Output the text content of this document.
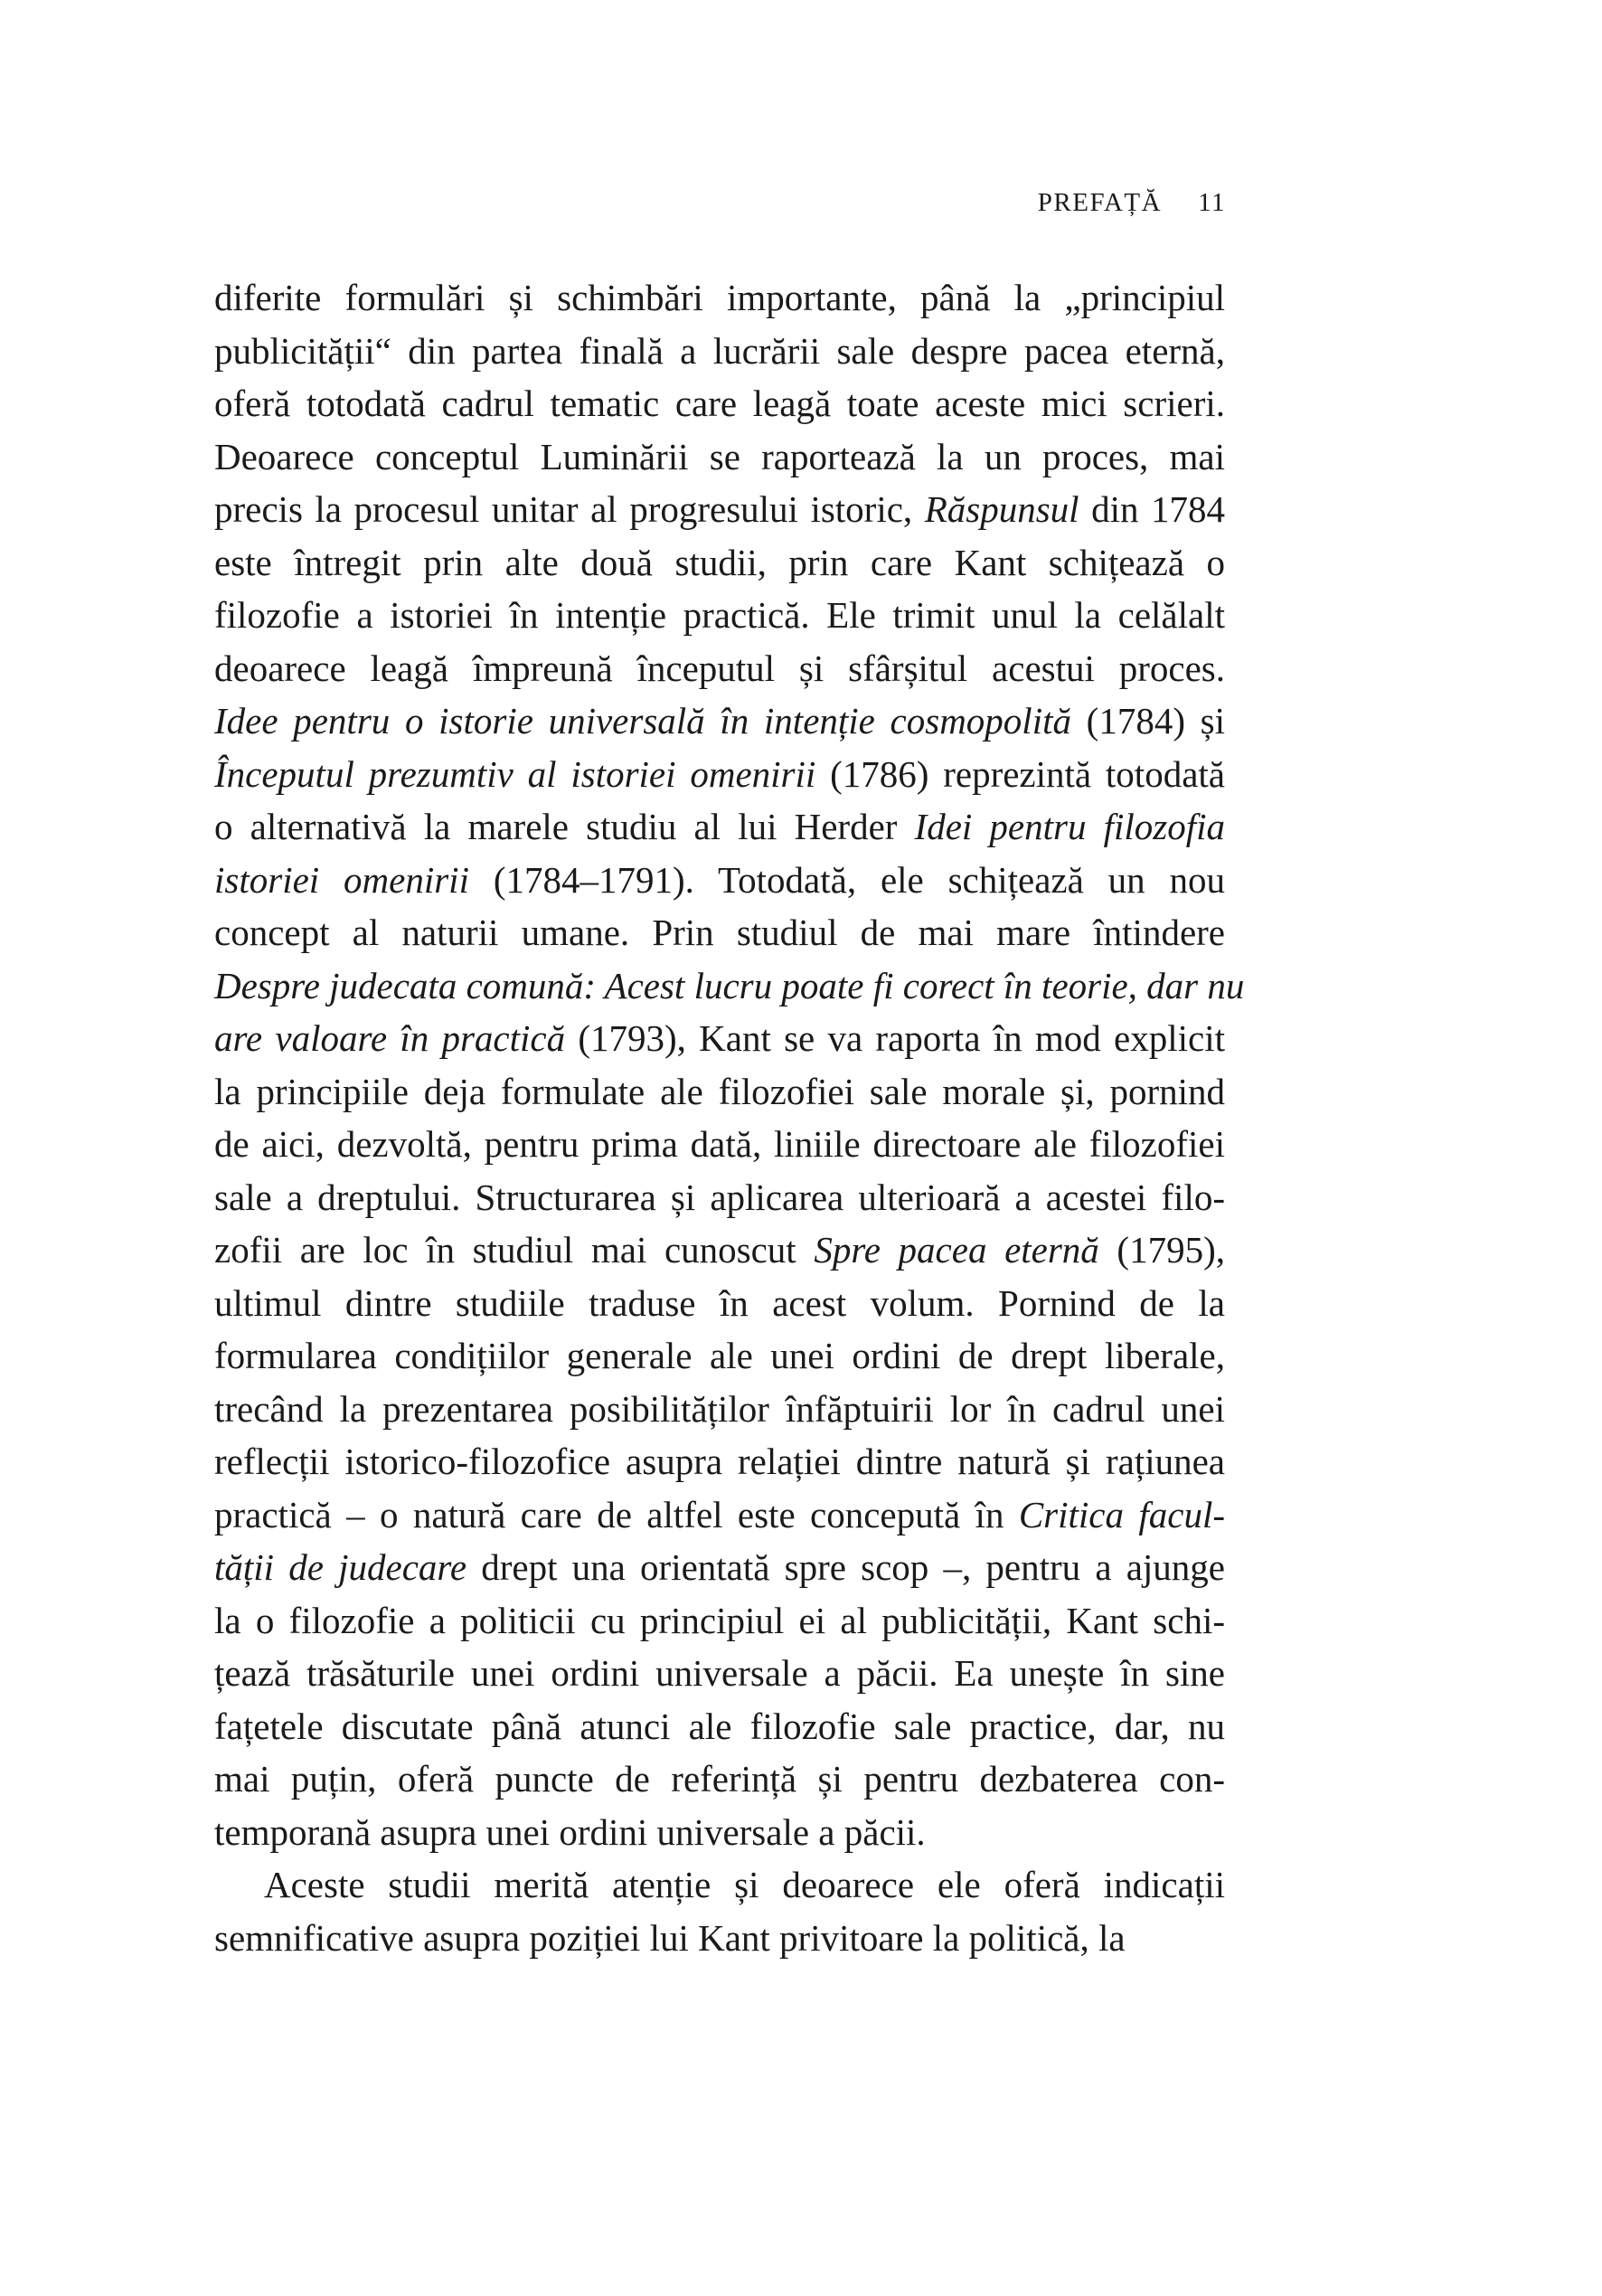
PREFAȚĂ 11
diferite formulări și schimbări importante, până la „principiul
publicității“ din partea finală a lucrării sale despre pacea eternă,
oferă totodată cadrul tematic care leagă toate aceste mici scrieri.
Deoarece conceptul Luminării se raportează la un proces, mai
precis la procesul unitar al progresului istoric, Răspunsul din 1784
este întregit prin alte două studii, prin care Kant schițează o
filozofie a istoriei în intenție practică. Ele trimit unul la celălalt
deoarece leagă împreună începutul și sfârșitul acestui proces.
Idee pentru o istorie universală în intenție cosmopolită (1784) și
Începutul prezumtiv al istoriei omenirii (1786) reprezintă totodată
o alternativă la marele studiu al lui Herder Idei pentru filozofia
istoriei omenirii (1784–1791). Totodată, ele schițează un nou
concept al naturii umane. Prin studiul de mai mare întindere
Despre judecata comună: Acest lucru poate fi corect în teorie, dar nu
are valoare în practică (1793), Kant se va raporta în mod explicit
la principiile deja formulate ale filozofiei sale morale și, pornind
de aici, dezvoltă, pentru prima dată, liniile directoare ale filozofiei
sale a dreptului. Structurarea și aplicarea ulterioară a acestei filo-
zofii are loc în studiul mai cunoscut Spre pacea eternă (1795),
ultimul dintre studiile traduse în acest volum. Pornind de la
formularea condițiilor generale ale unei ordini de drept liberale,
trecând la prezentarea posibilităților înfăptuirii lor în cadrul unei
reflecții istorico-filozofice asupra relației dintre natură și rațiunea
practică – o natură care de altfel este concepută în Critica facul-
tății de judecare drept una orientată spre scop –, pentru a ajunge
la o filozofie a politicii cu principiul ei al publicității, Kant schi-
țează trăsăturile unei ordini universale a păcii. Ea unește în sine
fațetele discutate până atunci ale filozofie sale practice, dar, nu
mai puțin, oferă puncte de referință și pentru dezbaterea con-
temporană asupra unei ordini universale a păcii.
Aceste studii merită atenție și deoarece ele oferă indicații
semnificative asupra poziției lui Kant privitoare la politică, la
